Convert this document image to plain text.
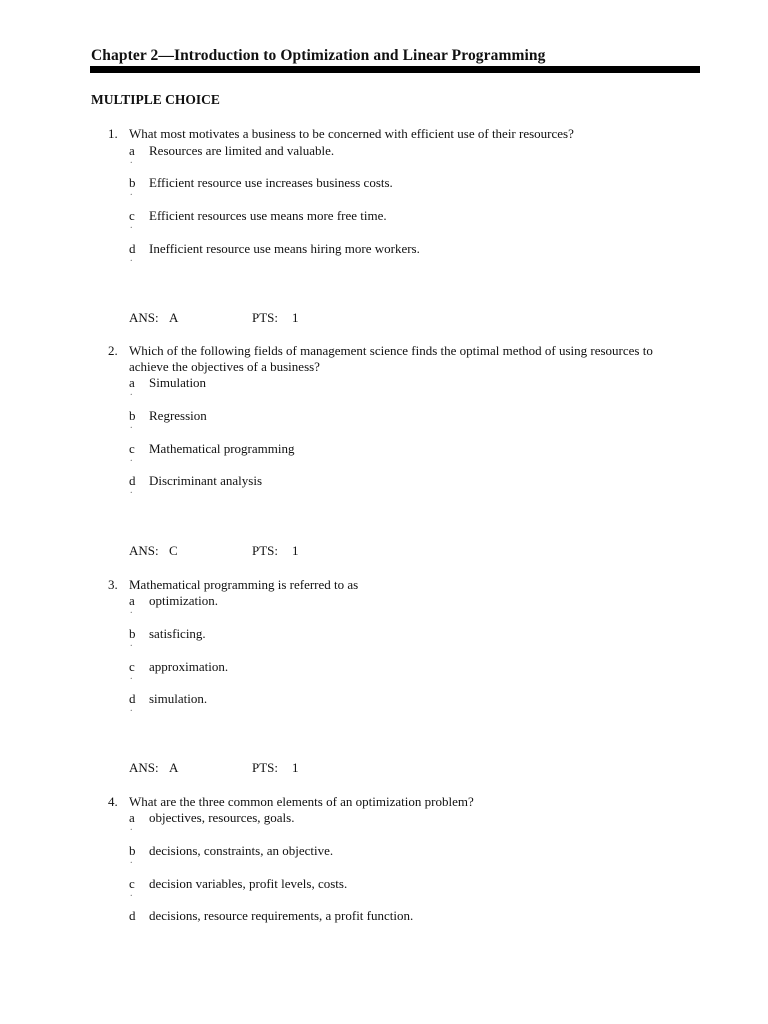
Chapter 2—Introduction to Optimization and Linear Programming
MULTIPLE CHOICE
1. What most motivates a business to be concerned with efficient use of their resources?
a
.
Resources are limited and valuable.
b
.
Efficient resource use increases business costs.
c
.
Efficient resources use means more free time.
d
.
Inefficient resource use means hiring more workers.
ANS: A	PTS: 1
2. Which of the following fields of management science finds the optimal method of using resources to achieve the objectives of a business?
a
.
Simulation
b
.
Regression
c
.
Mathematical programming
d
.
Discriminant analysis
ANS: C	PTS: 1
3. Mathematical programming is referred to as
a
.
optimization.
b
.
satisficing.
c
.
approximation.
d
.
simulation.
ANS: A	PTS: 1
4. What are the three common elements of an optimization problem?
a
.
objectives, resources, goals.
b
.
decisions, constraints, an objective.
c
.
decision variables, profit levels, costs.
d decisions, resource requirements, a profit function.
